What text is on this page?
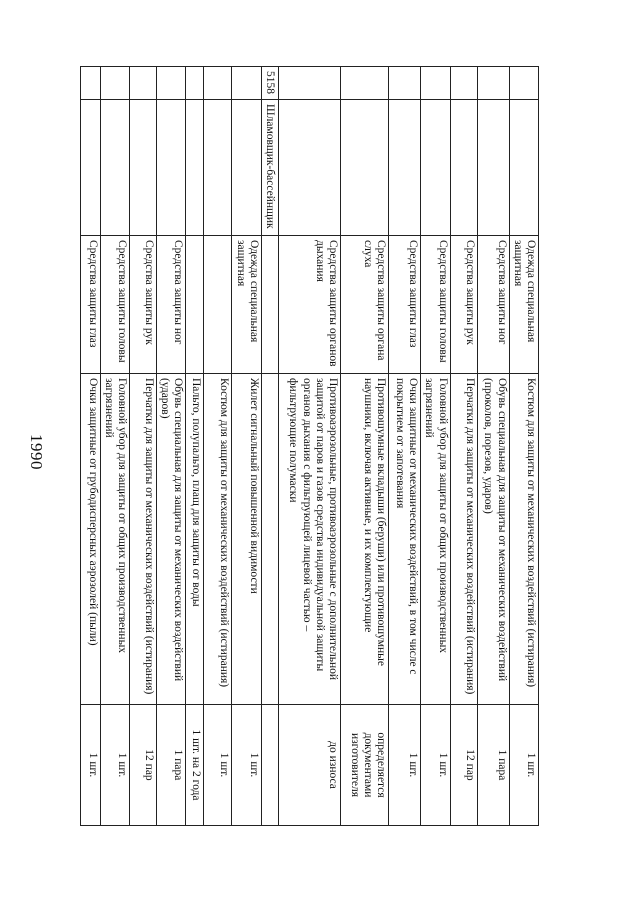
1990
		Одежда специальная защитная	Костюм для защиты от механических воздействий (истирания)	1 шт.
		Средства защиты ног	Обувь специальная для защиты от механических воздействий (проколов, порезов, ударов)	1 пара
		Средства защиты рук	Перчатки для защиты от механических воздействий (истирания)	12 пар
		Средства защиты головы	Головной убор для защиты от общих производственных загрязнений	1 шт.
		Средства защиты глаз	Очки защитные от механических воздействий, в том числе с покрытием от запотевания	1 шт.
		Средства защиты органа слуха	Противошумные вкладыши (беруши) или противошумные наушники, включая активные, и их комплектующие	определяется документами изготовителя
		Средства защиты органов дыхания	Противоаэрозольные, противоаэрозольные с дополнительной защитой от паров и газов средства индивидуальной защиты органов дыхания с фильтрующей лицевой частью – фильтрующие полумаски	до износа
5158	Шламовщик-бассейнщик			
		Одежда специальная защитная	Жилет сигнальный повышенной видимости	1 шт.
			Костюм для защиты от механических воздействий (истирания)	1 шт.
			Пальто, полупальто, плащ для защиты от воды	1 шт. на 2 года
		Средства защиты ног	Обувь специальная для защиты от механических воздействий (ударов)	1 пара
		Средства защиты рук	Перчатки для защиты от механических воздействий (истирания)	12 пар
		Средства защиты головы	Головной убор для защиты от общих производственных загрязнений	1 шт.
		Средства защиты глаз	Очки защитные от грубодисперсных аэрозолей (пыли)	1 шт.
